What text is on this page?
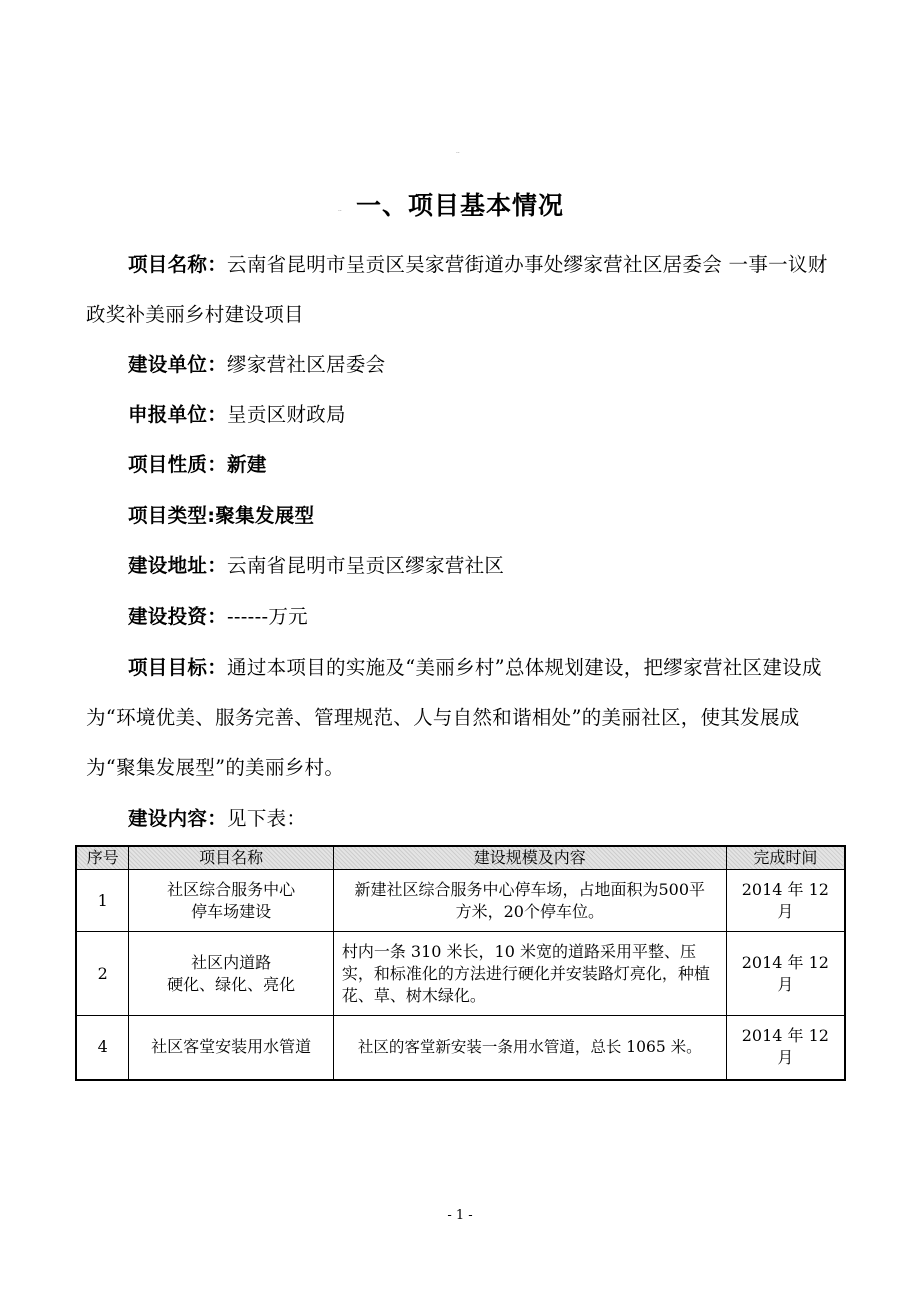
..
.. 一、项目基本情况
项目名称：云南省昆明市呈贡区吴家营街道办事处缪家营社区居委会 一事一议财政奖补美丽乡村建设项目
建设单位：缪家营社区居委会
申报单位：呈贡区财政局
项目性质：新建
项目类型:聚集发展型
建设地址：云南省昆明市呈贡区缪家营社区
建设投资：------万元
项目目标：通过本项目的实施及“美丽乡村”总体规划建设，把缪家营社区建设成为“环境优美、服务完善、管理规范、人与自然和谐相处”的美丽社区，使其发展成为“聚集发展型”的美丽乡村。
建设内容：见下表：
序号	项目名称	建设规模及内容	完成时间
1	社区综合服务中心
停车场建设	新建社区综合服务中心停车场，占地面积为500平方米，20个停车位。	2014 年 12 月
2	社区内道路
硬化、绿化、亮化	村内一条 310 米长，10 米宽的道路采用平整、压实，和标准化的方法进行硬化并安装路灯亮化，种植花、草、树木绿化。	2014 年 12 月
4	社区客堂安装用水管道	社区的客堂新安装一条用水管道，总长 1065 米。	2014 年 12 月
- 1 -
